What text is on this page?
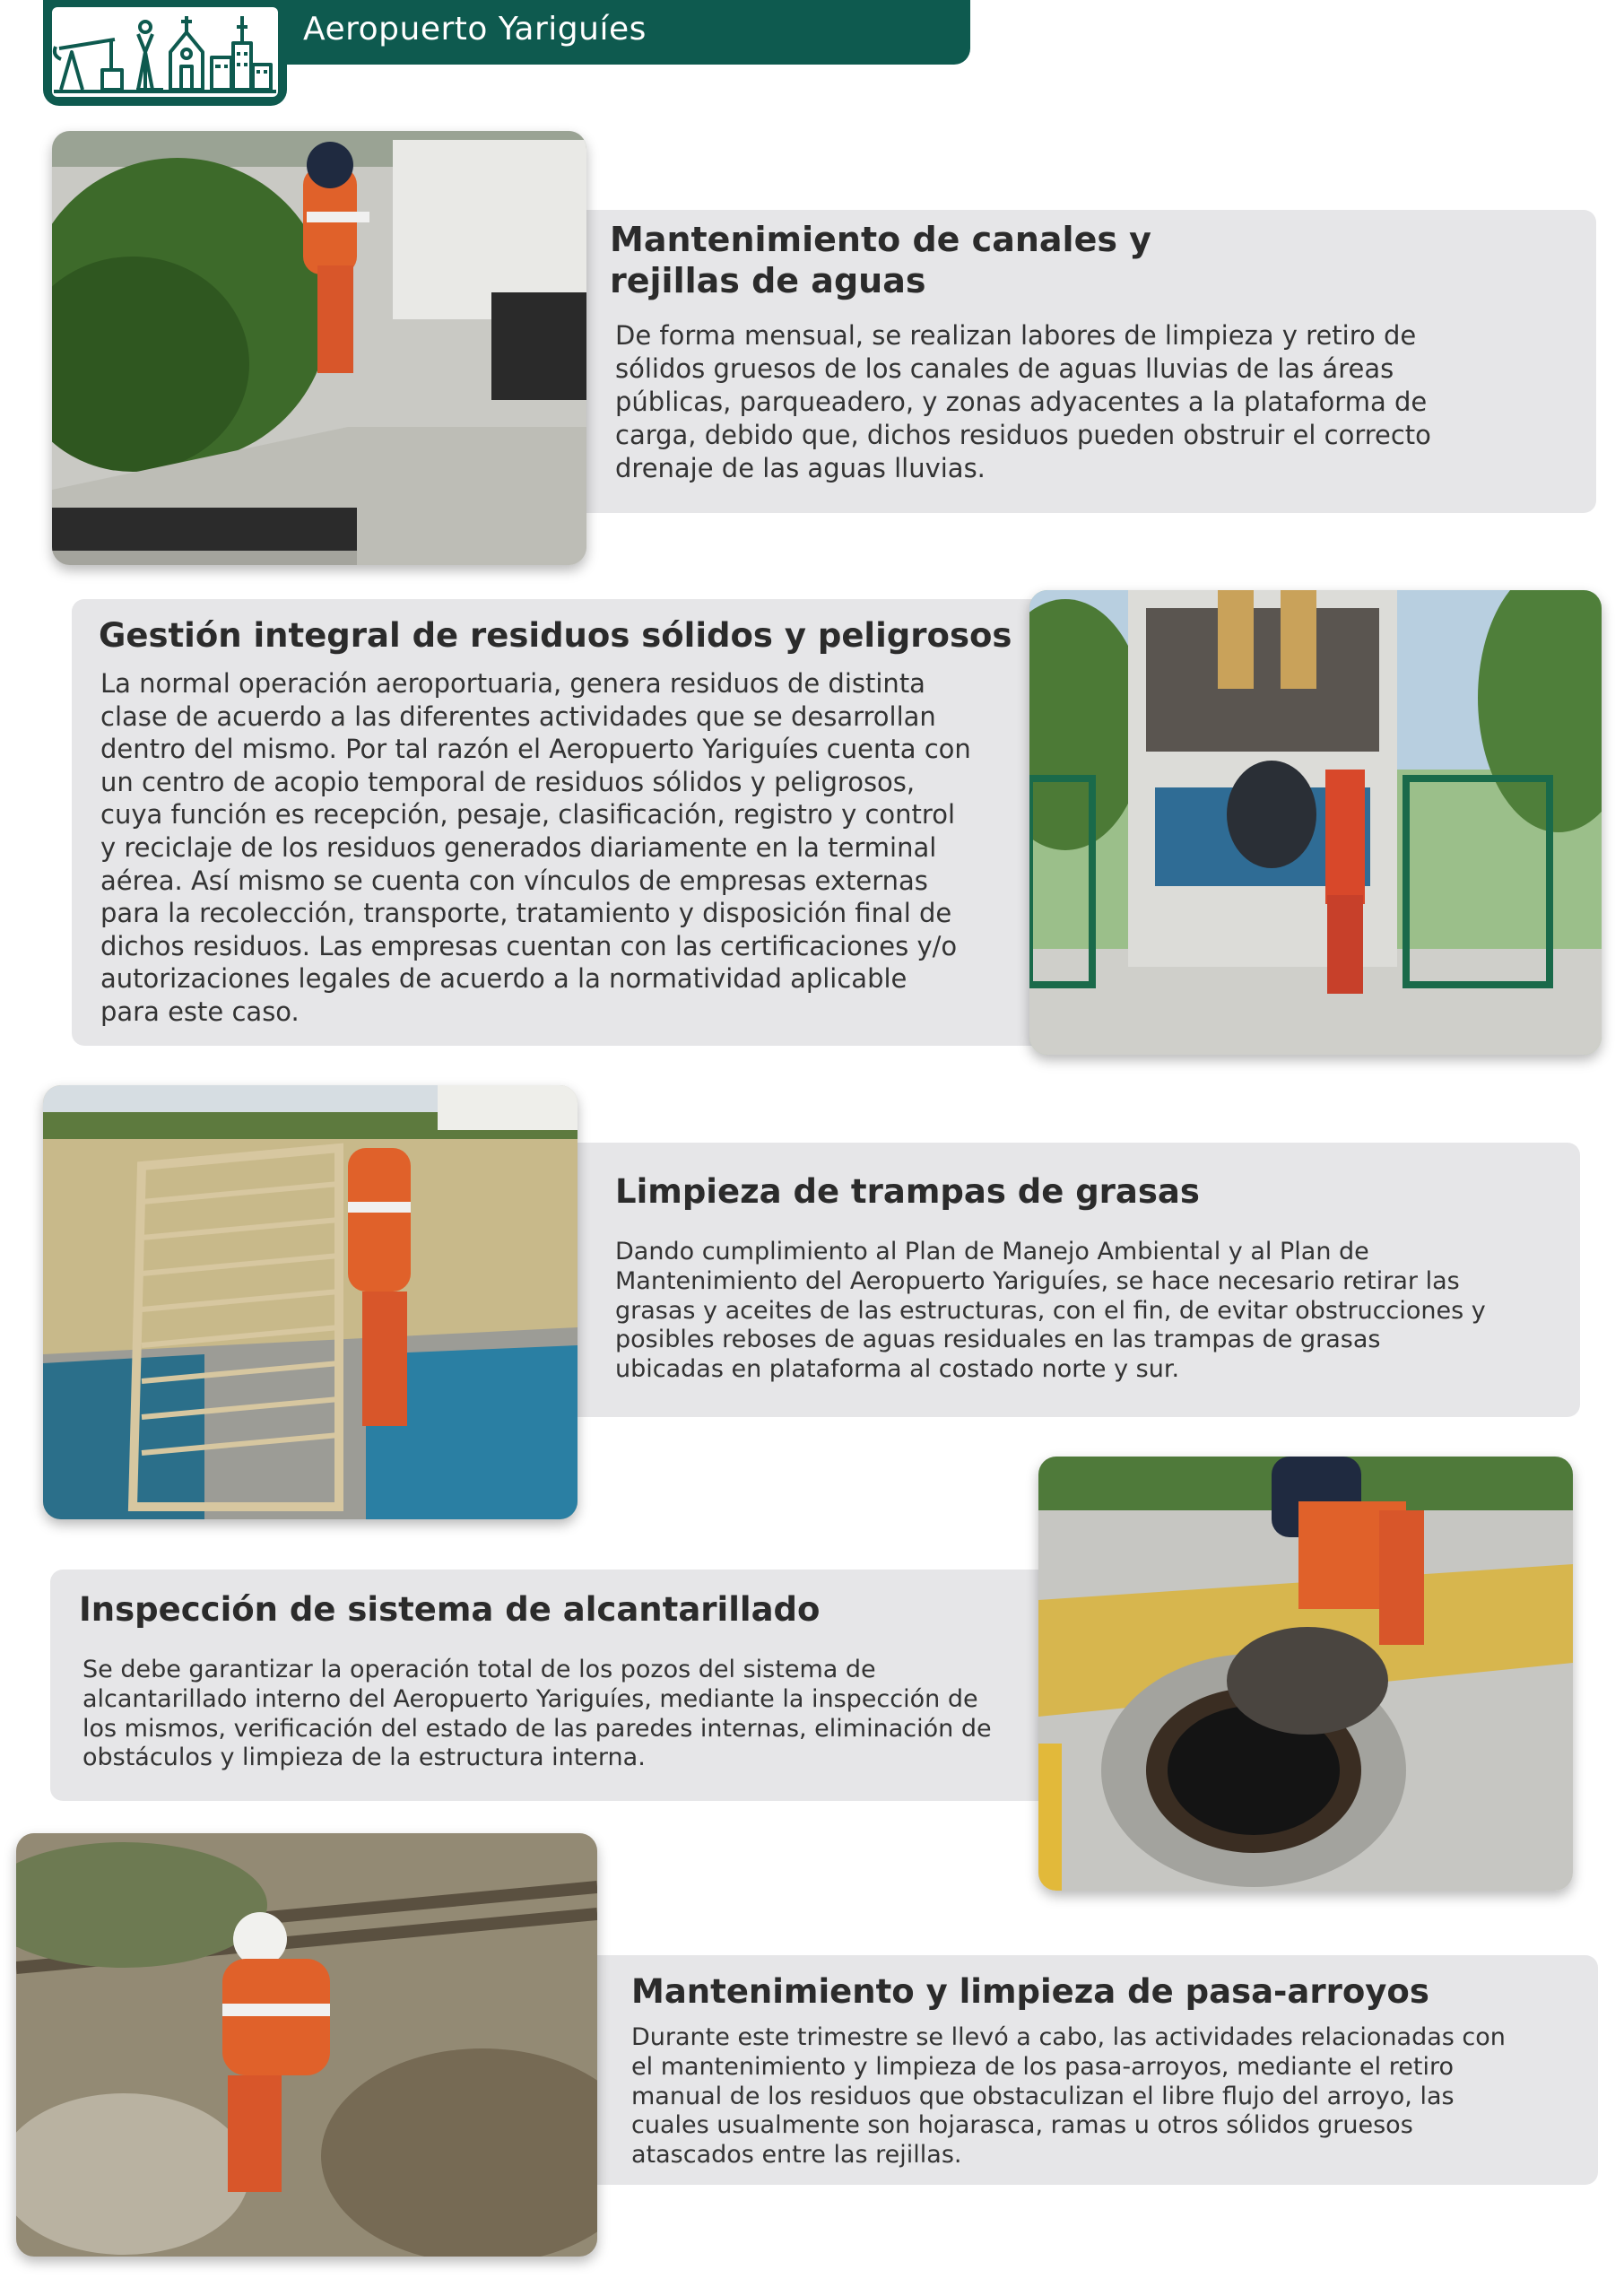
Aeropuerto Yariguíes
Mantenimiento de canales y
rejillas de aguas
De forma mensual, se realizan labores de limpieza y retiro de
sólidos gruesos de los canales de aguas lluvias de las áreas
públicas, parqueadero, y zonas adyacentes a la plataforma de
carga, debido que, dichos residuos pueden obstruir el correcto
drenaje de las aguas lluvias.
Gestión integral de residuos sólidos y peligrosos
La normal operación aeroportuaria, genera residuos de distinta
clase de acuerdo a las diferentes actividades que se desarrollan
dentro del mismo. Por tal razón el Aeropuerto Yariguíes cuenta con
un centro de acopio temporal de residuos sólidos y peligrosos,
cuya función es recepción, pesaje, clasificación, registro y control
y reciclaje de los residuos generados diariamente en la terminal
aérea. Así mismo se cuenta con vínculos de empresas externas
para la recolección, transporte, tratamiento y disposición final de
dichos residuos. Las empresas cuentan con las certificaciones y/o
autorizaciones legales de acuerdo a la normatividad aplicable
para este caso.
Limpieza de trampas de grasas
Dando cumplimiento al Plan de Manejo Ambiental y al Plan de
Mantenimiento del Aeropuerto Yariguíes, se hace necesario retirar las
grasas y aceites de las estructuras, con el fin, de evitar obstrucciones y
posibles reboses de aguas residuales en las trampas de grasas
ubicadas en plataforma al costado norte y sur.
Inspección de sistema de alcantarillado
Se debe garantizar la operación total de los pozos del sistema de
alcantarillado interno del Aeropuerto Yariguíes, mediante la inspección de
los mismos, verificación del estado de las paredes internas, eliminación de
obstáculos y limpieza de la estructura interna.
Mantenimiento y limpieza de pasa-arroyos
Durante este trimestre se llevó a cabo, las actividades relacionadas con
el mantenimiento y limpieza de los pasa-arroyos, mediante el retiro
manual de los residuos que obstaculizan el libre flujo del arroyo, las
cuales usualmente son hojarasca, ramas u otros sólidos gruesos
atascados entre las rejillas.
